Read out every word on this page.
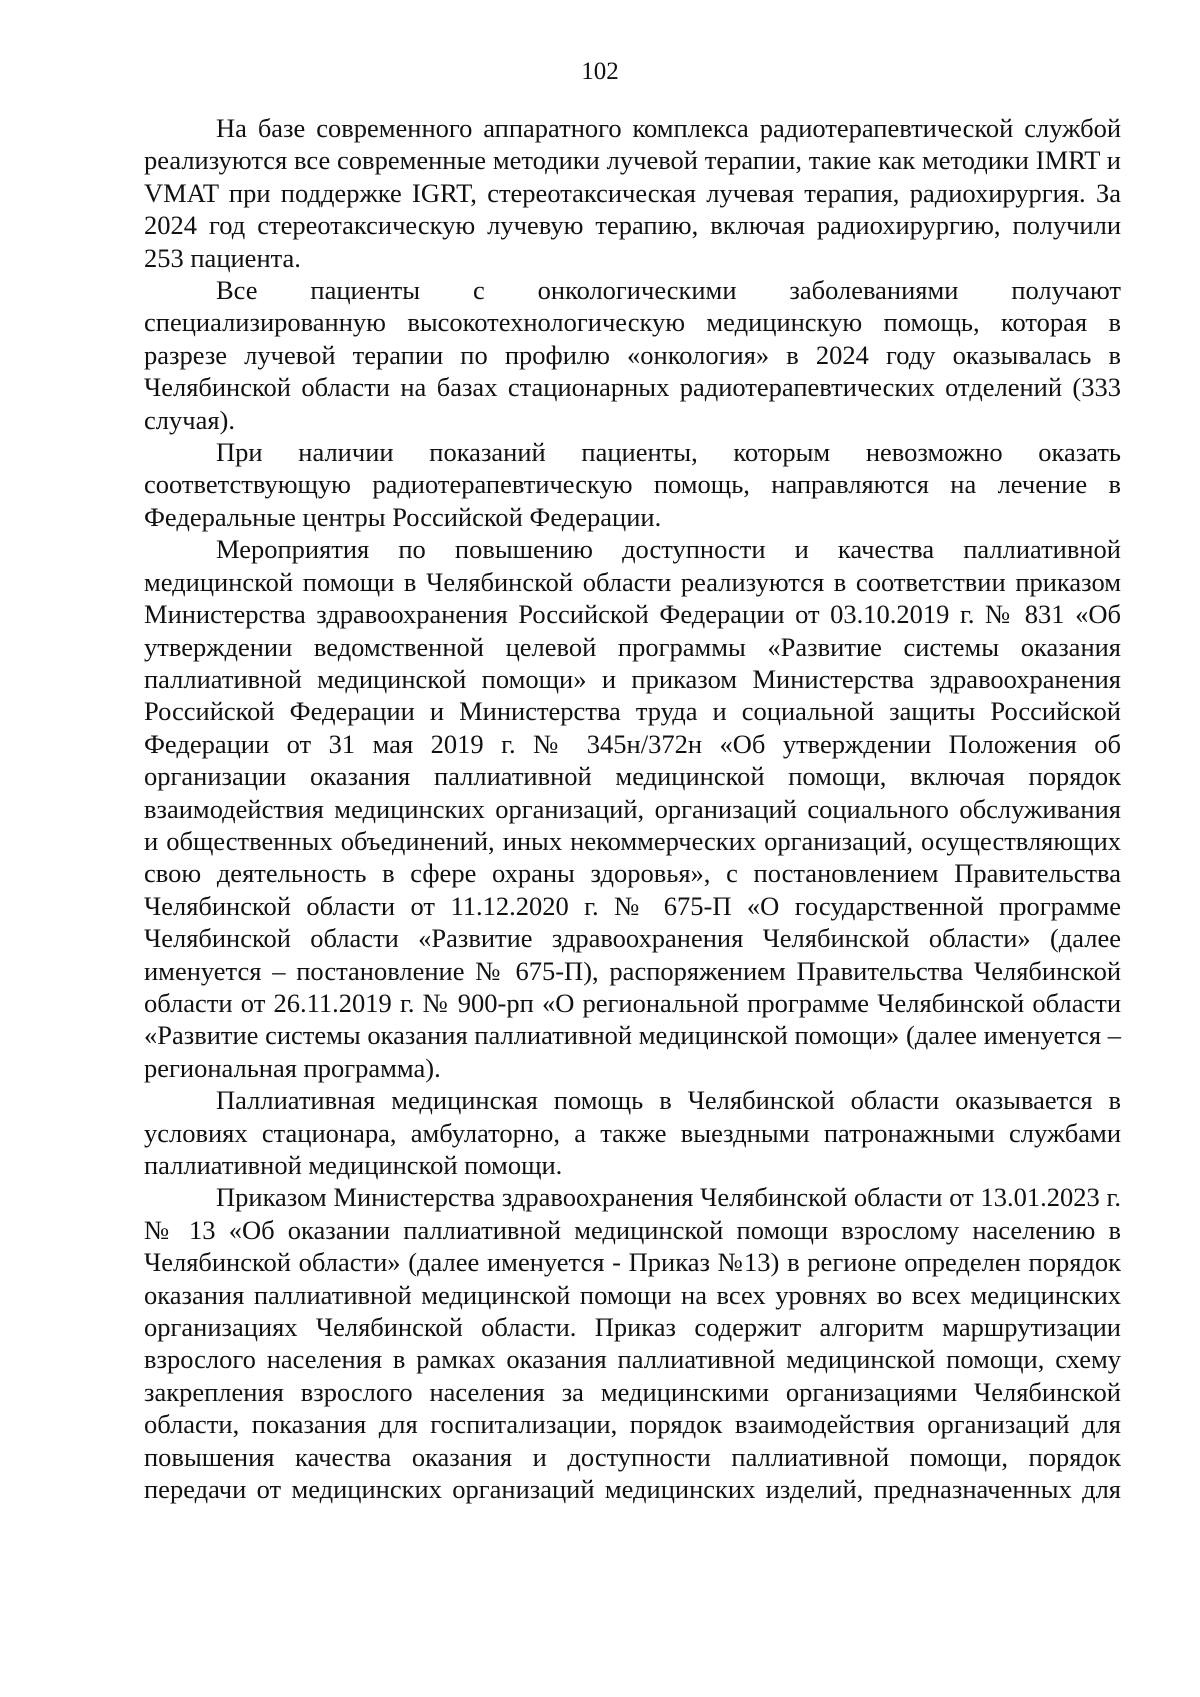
102

На базе современного аппаратного комплекса радиотерапевтической службой реализуются все современные методики лучевой терапии, такие как методики IMRT и VMAT при поддержке IGRT, стереотаксическая лучевая терапия, радиохирургия. За 2024 год стереотаксическую лучевую терапию, включая радиохирургию, получили 253 пациента.

Все пациенты с онкологическими заболеваниями получают специализированную высокотехнологическую медицинскую помощь, которая в разрезе лучевой терапии по профилю «онкология» в 2024 году оказывалась в Челябинской области на базах стационарных радиотерапевтических отделений (333 случая).

При наличии показаний пациенты, которым невозможно оказать соответствующую радиотерапевтическую помощь, направляются на лечение в Федеральные центры Российской Федерации.

Мероприятия по повышению доступности и качества паллиативной медицинской помощи в Челябинской области реализуются в соответствии приказом Министерства здравоохранения Российской Федерации от 03.10.2019 г. № 831 «Об утверждении ведомственной целевой программы «Развитие системы оказания паллиативной медицинской помощи» и приказом Министерства здравоохранения Российской Федерации и Министерства труда и социальной защиты Российской Федерации от 31 мая 2019 г. № 345н/372н «Об утверждении Положения об организации оказания паллиативной медицинской помощи, включая порядок взаимодействия медицинских организаций, организаций социального обслуживания и общественных объединений, иных некоммерческих организаций, осуществляющих свою деятельность в сфере охраны здоровья», с постановлением Правительства Челябинской области от 11.12.2020 г. № 675-П «О государственной программе Челябинской области «Развитие здравоохранения Челябинской области» (далее именуется – постановление № 675-П), распоряжением Правительства Челябинской области от 26.11.2019 г. № 900-рп «О региональной программе Челябинской области «Развитие системы оказания паллиативной медицинской помощи» (далее именуется – региональная программа).

Паллиативная медицинская помощь в Челябинской области оказывается в условиях стационара, амбулаторно, а также выездными патронажными службами паллиативной медицинской помощи.

Приказом Министерства здравоохранения Челябинской области от 13.01.2023 г. № 13 «Об оказании паллиативной медицинской помощи взрослому населению в Челябинской области» (далее именуется - Приказ №13) в регионе определен порядок оказания паллиативной медицинской помощи на всех уровнях во всех медицинских организациях Челябинской области. Приказ содержит алгоритм маршрутизации взрослого населения в рамках оказания паллиативной медицинской помощи, схему закрепления взрослого населения за медицинскими организациями Челябинской области, показания для госпитализации, порядок взаимодействия организаций для повышения качества оказания и доступности паллиативной помощи, порядок передачи от медицинских организаций медицинских изделий, предназначенных для
